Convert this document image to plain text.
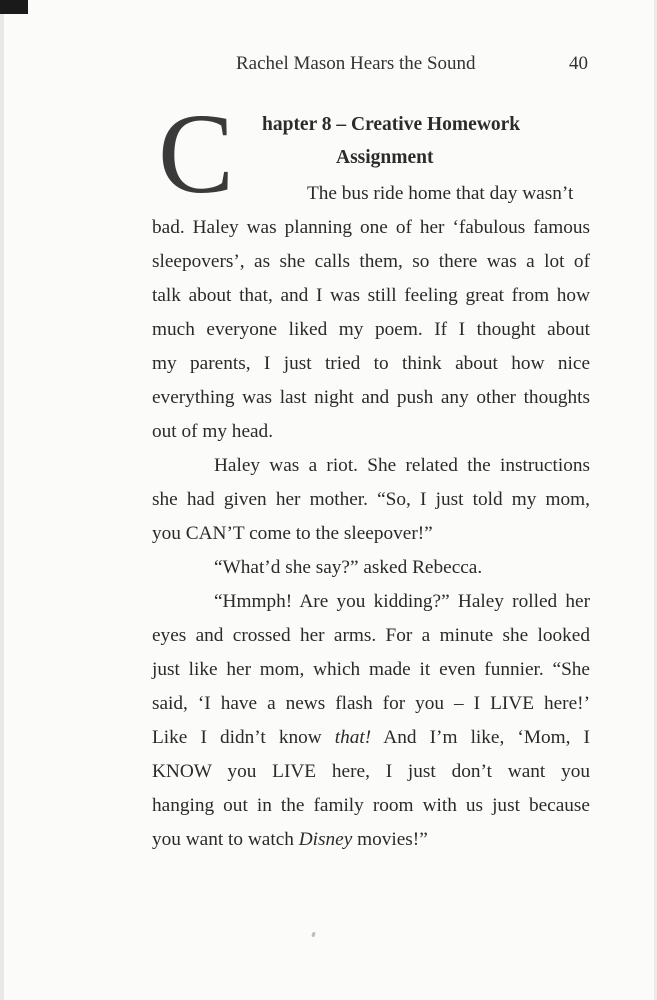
Rachel Mason Hears the Sound	40
C hapter 8 – Creative Homework
Assignment
The bus ride home that day wasn’t
bad. Haley was planning one of her ‘fabulous famous
sleepovers’, as she calls them, so there was a lot of
talk about that, and I was still feeling great from how
much everyone liked my poem. If I thought about
my parents, I just tried to think about how nice
everything was last night and push any other thoughts
out of my head.
Haley was a riot. She related the instructions
she had given her mother. “So, I just told my mom,
you CAN’T come to the sleepover!”
“What’d she say?” asked Rebecca.
“Hmmph! Are you kidding?” Haley rolled her
eyes and crossed her arms. For a minute she looked
just like her mom, which made it even funnier. “She
said, ‘I have a news flash for you – I LIVE here!’
Like I didn’t know that! And I’m like, ‘Mom, I
KNOW you LIVE here, I just don’t want you
hanging out in the family room with us just because
you want to watch Disney movies!”
